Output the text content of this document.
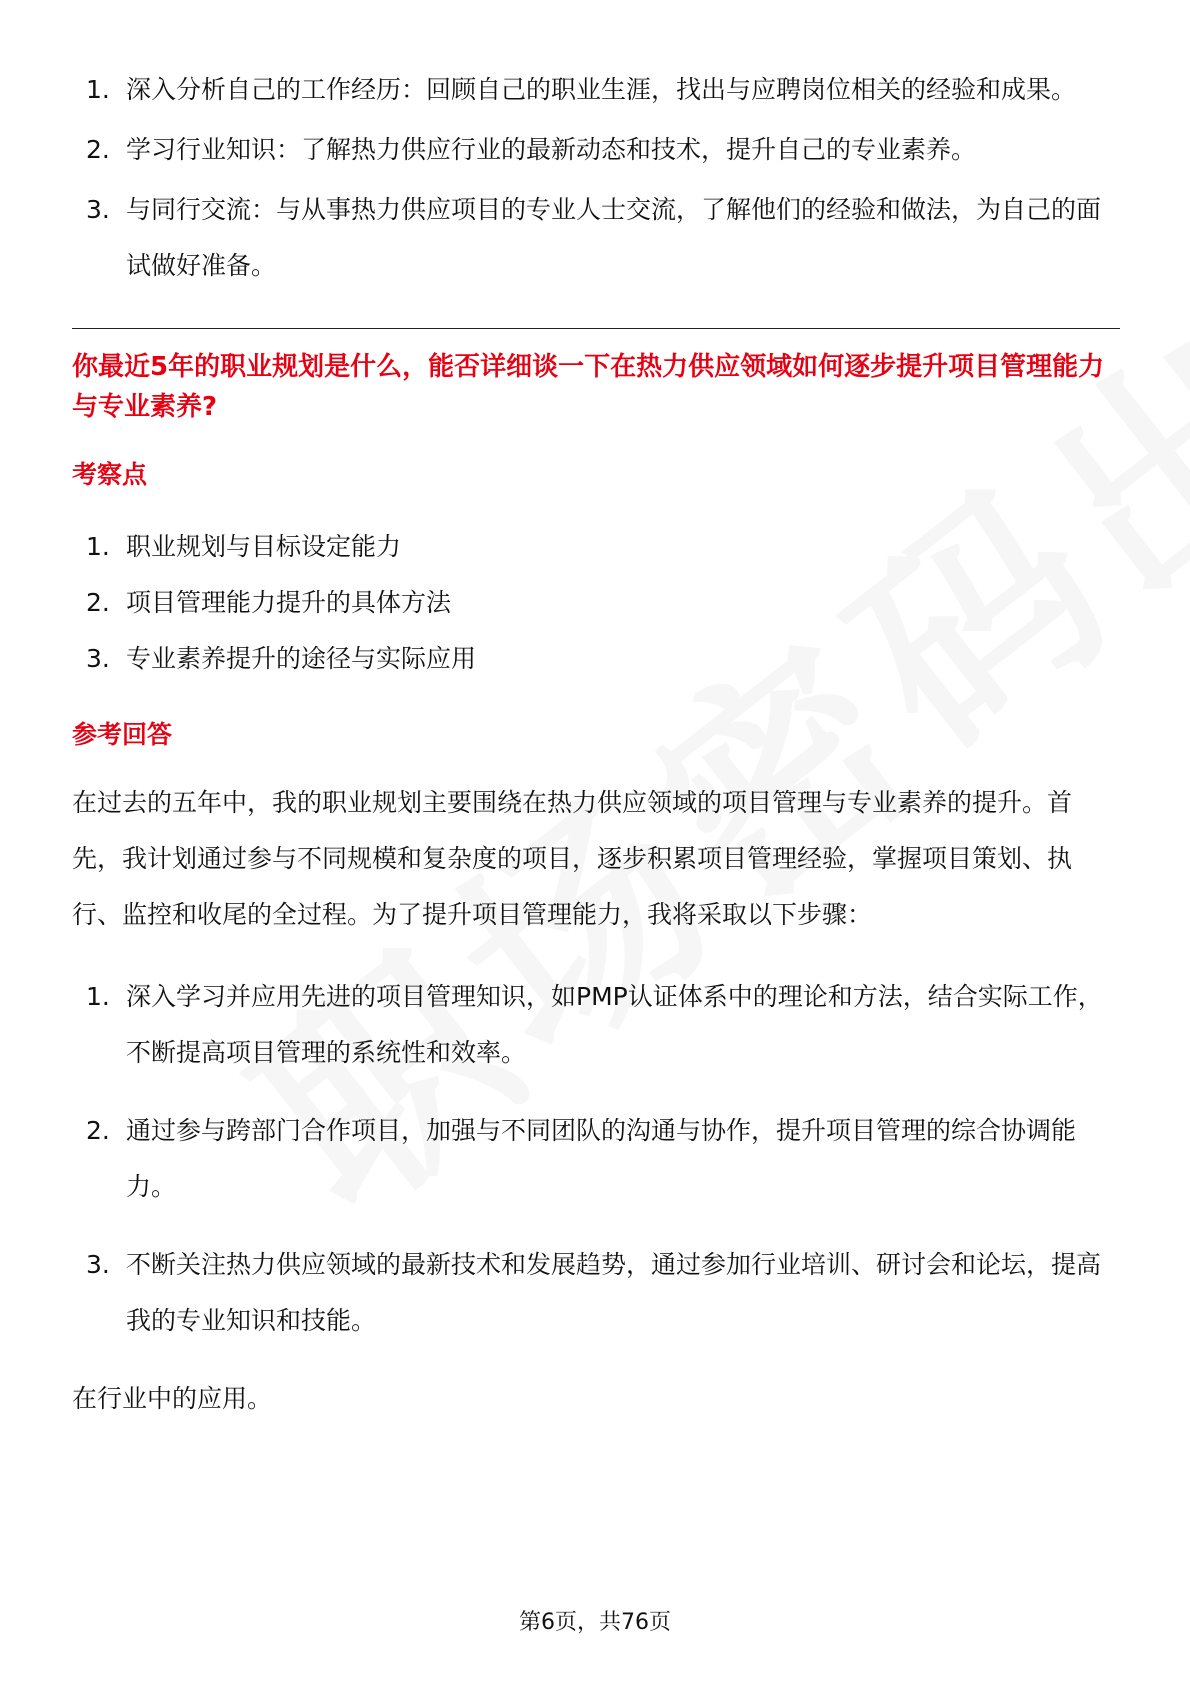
1. 深入分析自己的工作经历：回顾自己的职业生涯，找出与应聘岗位相关的经验和成果。
2. 学习行业知识：了解热力供应行业的最新动态和技术，提升自己的专业素养。
3. 与同行交流：与从事热力供应项目的专业人士交流，了解他们的经验和做法，为自己的面试做好准备。
你最近5年的职业规划是什么，能否详细谈一下在热力供应领域如何逐步提升项目管理能力与专业素养?
考察点
1. 职业规划与目标设定能力
2. 项目管理能力提升的具体方法
3. 专业素养提升的途径与实际应用
参考回答
在过去的五年中，我的职业规划主要围绕在热力供应领域的项目管理与专业素养的提升。首先，我计划通过参与不同规模和复杂度的项目，逐步积累项目管理经验，掌握项目策划、执行、监控和收尾的全过程。为了提升项目管理能力，我将采取以下步骤：
1. 深入学习并应用先进的项目管理知识，如PMP认证体系中的理论和方法，结合实际工作，不断提高项目管理的系统性和效率。
2. 通过参与跨部门合作项目，加强与不同团队的沟通与协作，提升项目管理的综合协调能力。
3. 不断关注热力供应领域的最新技术和发展趋势，通过参加行业培训、研讨会和论坛，提高我的专业知识和技能。
在行业中的应用。
第6页，共76页
